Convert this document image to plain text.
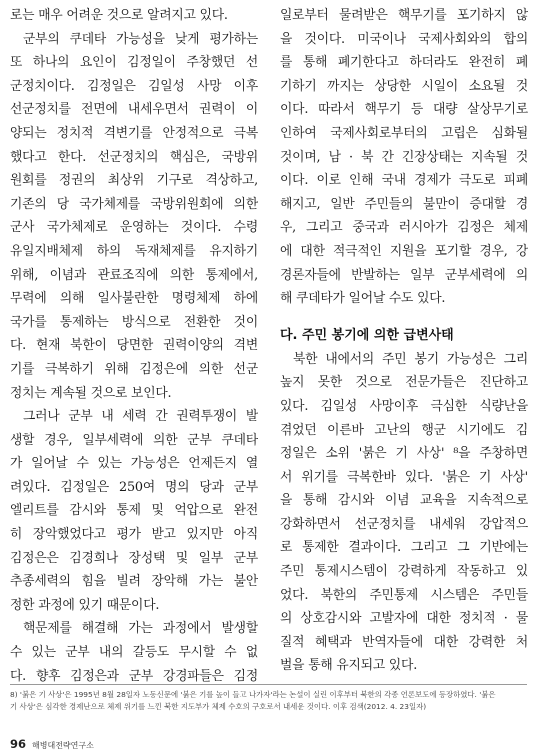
로는 매우 어려운 것으로 알려지고 있다.
군부의 쿠데타 가능성을 낮게 평가하는
또 하나의 요인이 김정일이 주창했던 선
군정치이다. 김정일은 김일성 사망 이후
선군정치를 전면에 내세우면서 권력이 이
양되는 정치적 격변기를 안정적으로 극복
했다고 한다. 선군정치의 핵심은, 국방위
원회를 정권의 최상위 기구로 격상하고,
기존의 당 국가체제를 국방위원회에 의한
군사 국가체제로 운영하는 것이다. 수령
유일지배체제 하의 독재체제를 유지하기
위해, 이념과 관료조직에 의한 통제에서,
무력에 의해 일사불란한 명령체제 하에
국가를 통제하는 방식으로 전환한 것이
다. 현재 북한이 당면한 권력이양의 격변
기를 극복하기 위해 김정은에 의한 선군
정치는 계속될 것으로 보인다.
그러나 군부 내 세력 간 권력투쟁이 발
생할 경우, 일부세력에 의한 군부 쿠데타
가 일어날 수 있는 가능성은 언제든지 열
려있다. 김정일은 250여 명의 당과 군부
엘리트를 감시와 통제 및 억압으로 완전
히 장악했었다고 평가 받고 있지만 아직
김정은은 김경희나 장성택 및 일부 군부
추종세력의 힘을 빌려 장악해 가는 불안
정한 과정에 있기 때문이다.
핵문제를 해결해 가는 과정에서 발생할
수 있는 군부 내의 갈등도 무시할 수 없
다. 향후 김정은과 군부 강경파들은 김정
일로부터 물려받은 핵무기를 포기하지 않
을 것이다. 미국이나 국제사회와의 합의
를 통해 폐기한다고 하더라도 완전히 폐
기하기 까지는 상당한 시일이 소요될 것
이다. 따라서 핵무기 등 대량 살상무기로
인하여 국제사회로부터의 고립은 심화될
것이며, 남 · 북 간 긴장상태는 지속될 것
이다. 이로 인해 국내 경제가 극도로 피폐
해지고, 일반 주민들의 불만이 증대할 경
우, 그리고 중국과 러시아가 김정은 체제
에 대한 적극적인 지원을 포기할 경우, 강
경론자들에 반발하는 일부 군부세력에 의
해 쿠데타가 일어날 수도 있다.
다. 주민 봉기에 의한 급변사태
북한 내에서의 주민 봉기 가능성은 그리
높지 못한 것으로 전문가들은 진단하고
있다. 김일성 사망이후 극심한 식량난을
겪었던 이른바 고난의 행군 시기에도 김
정일은 소위 '붉은 기 사상' ⁸을 주창하면
서 위기를 극복한바 있다. '붉은 기 사상'
을 통해 감시와 이념 교육을 지속적으로
강화하면서 선군정치를 내세워 강압적으
로 통제한 결과이다. 그리고 그 기반에는
주민 통제시스템이 강력하게 작동하고 있
었다. 북한의 주민통제 시스템은 주민들
의 상호감시와 고발자에 대한 정치적 · 물
질적 혜택과 반역자들에 대한 강력한 처
벌을 통해 유지되고 있다.
8) '붉은 기 사상'은 1995년 8월 28일자 노동신문에 '붉은 기를 높이 들고 나가자'라는 논설이 실린 이후부터 북한의 각종 언론보도에 등장하였다. '붉은
기 사상'은 심각한 경제난으로 체제 위기를 느낀 북한 지도부가 체제 수호의 구호로서 내세운 것이다. 이후 검색(2012. 4. 23일자)
96 해병대전략연구소
